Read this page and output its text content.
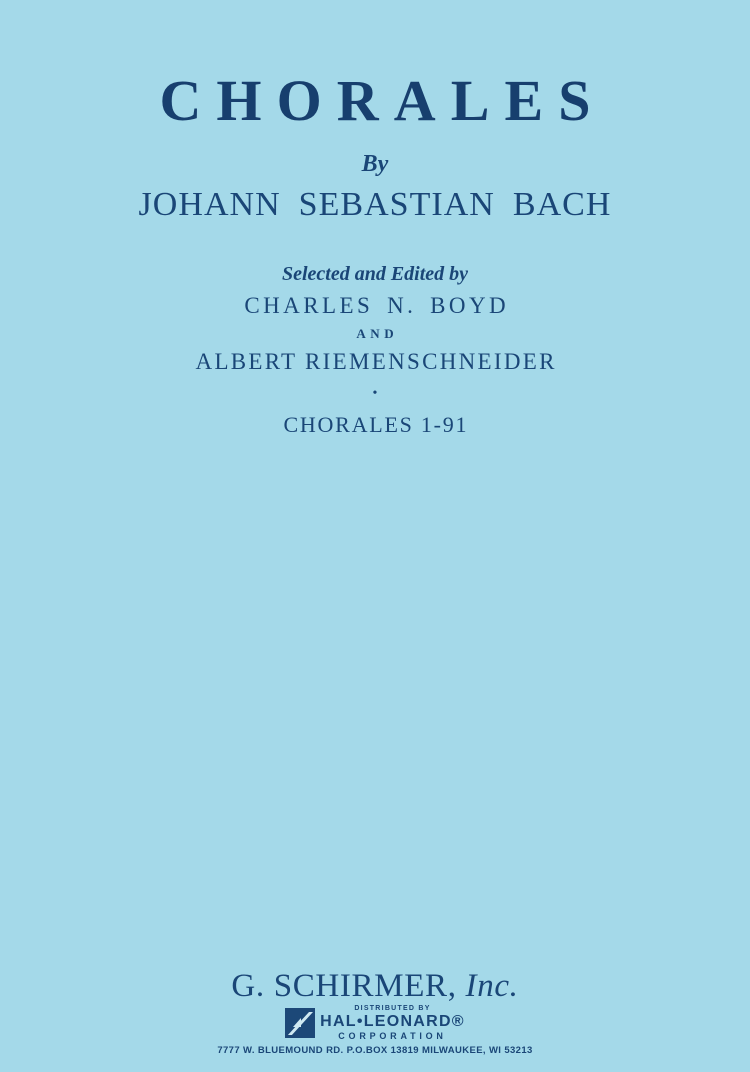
CHORALES
By
JOHANN SEBASTIAN BACH
Selected and Edited by
CHARLES N. BOYD
AND
ALBERT RIEMENSCHNEIDER
•
CHORALES 1-91
G. SCHIRMER, Inc.
DISTRIBUTED BY
HAL•LEONARD®
CORPORATION
7777 W. BLUEMOUND RD. P.O.BOX 13819 MILWAUKEE, WI 53213
